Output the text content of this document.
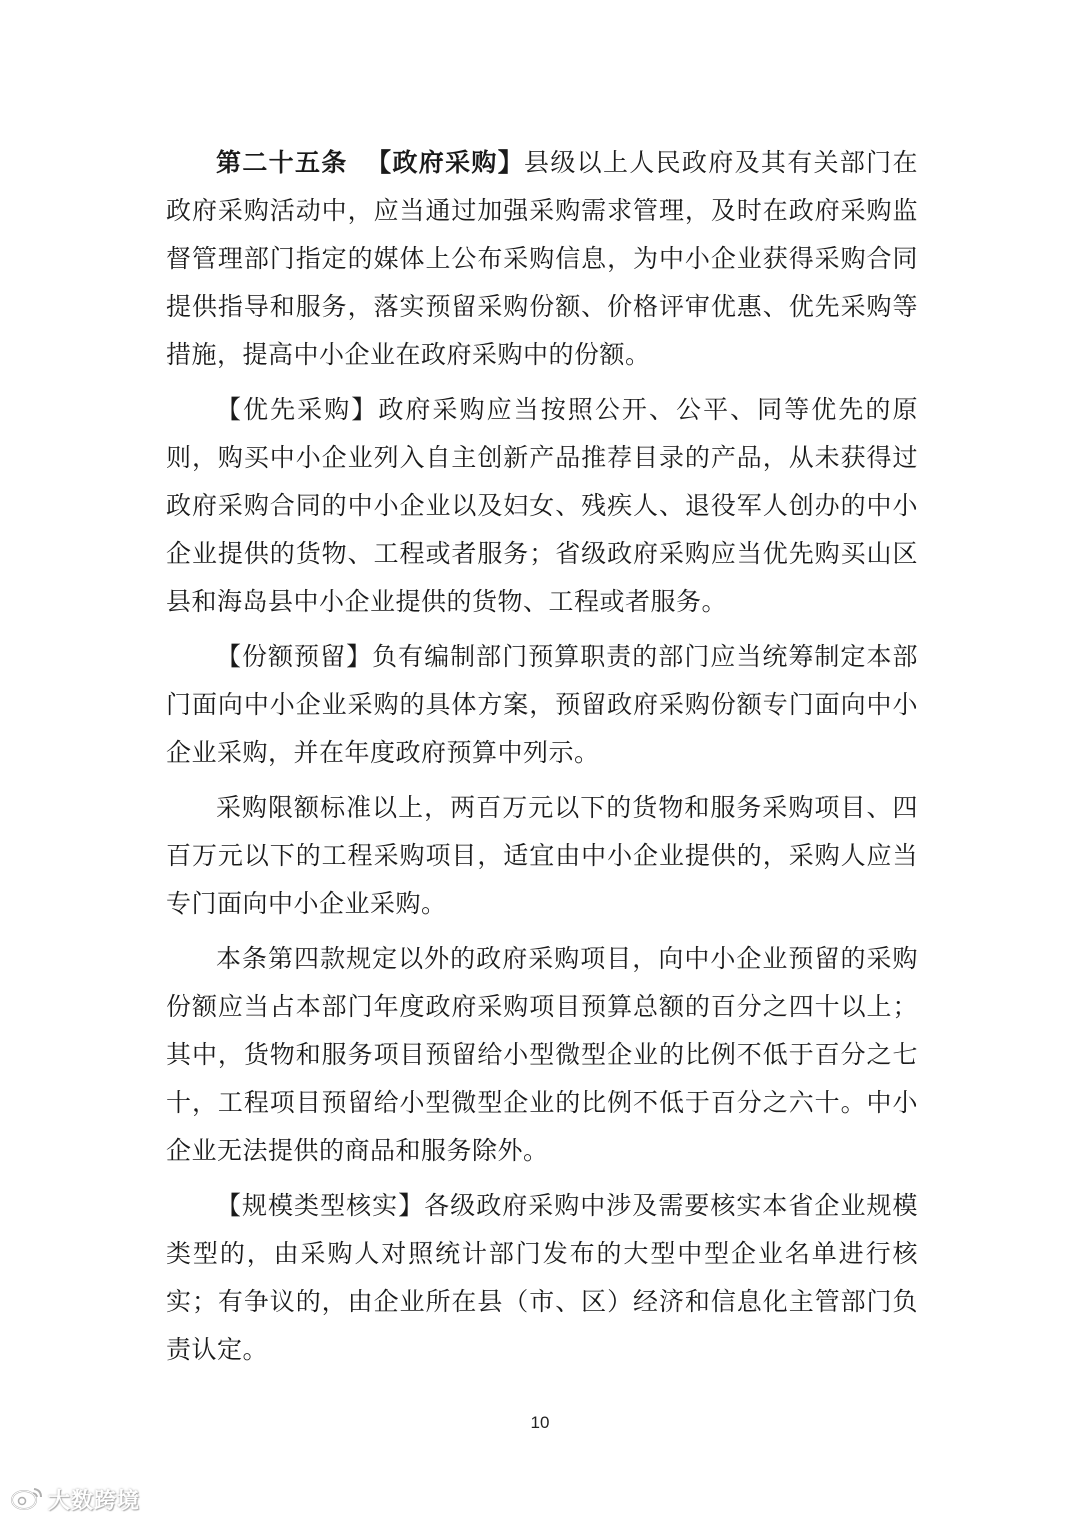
第二十五条 【政府采购】县级以上人民政府及其有关部门在政府采购活动中，应当通过加强采购需求管理，及时在政府采购监督管理部门指定的媒体上公布采购信息，为中小企业获得采购合同提供指导和服务，落实预留采购份额、价格评审优惠、优先采购等措施，提高中小企业在政府采购中的份额。

【优先采购】政府采购应当按照公开、公平、同等优先的原则，购买中小企业列入自主创新产品推荐目录的产品，从未获得过政府采购合同的中小企业以及妇女、残疾人、退役军人创办的中小企业提供的货物、工程或者服务；省级政府采购应当优先购买山区县和海岛县中小企业提供的货物、工程或者服务。

【份额预留】负有编制部门预算职责的部门应当统筹制定本部门面向中小企业采购的具体方案，预留政府采购份额专门面向中小企业采购，并在年度政府预算中列示。

采购限额标准以上，两百万元以下的货物和服务采购项目、四百万元以下的工程采购项目，适宜由中小企业提供的，采购人应当专门面向中小企业采购。

本条第四款规定以外的政府采购项目，向中小企业预留的采购份额应当占本部门年度政府采购项目预算总额的百分之四十以上；其中，货物和服务项目预留给小型微型企业的比例不低于百分之七十，工程项目预留给小型微型企业的比例不低于百分之六十。中小企业无法提供的商品和服务除外。

【规模类型核实】各级政府采购中涉及需要核实本省企业规模类型的，由采购人对照统计部门发布的大型中型企业名单进行核实；有争议的，由企业所在县（市、区）经济和信息化主管部门负责认定。

10
大数跨境
